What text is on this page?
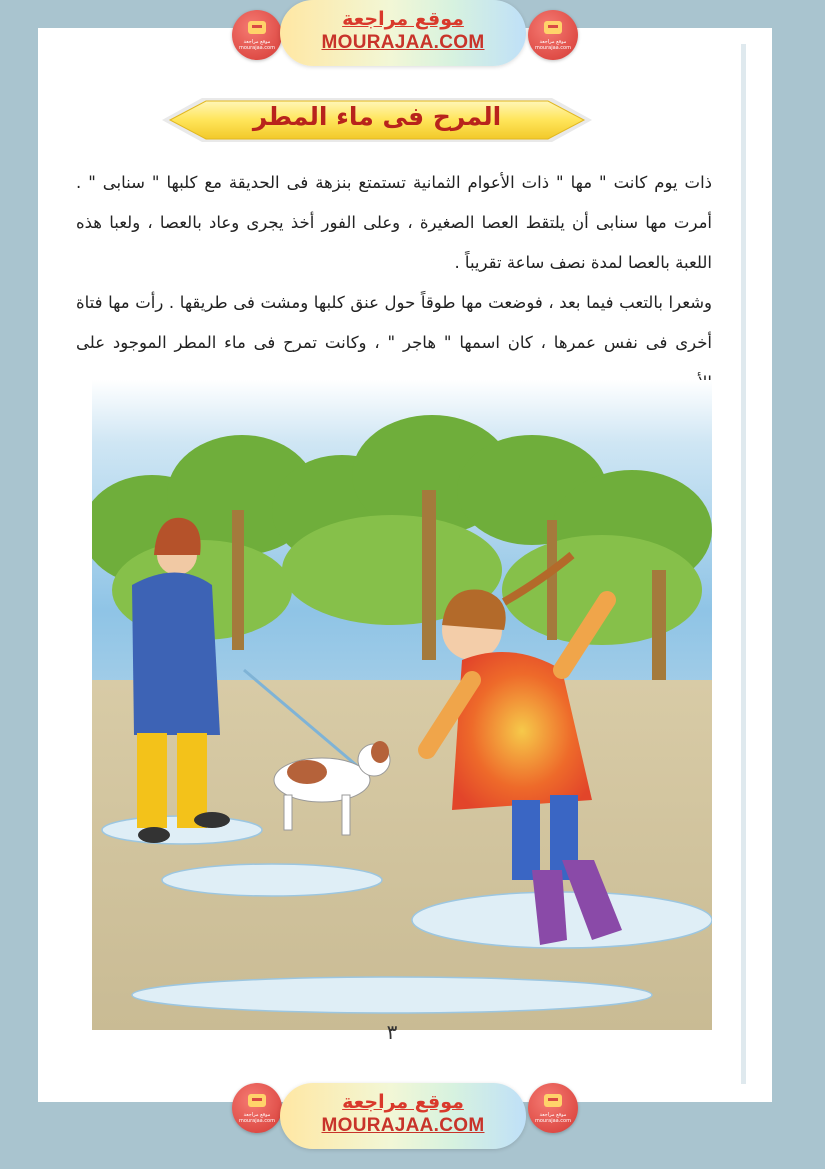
موقع مراجعة
mourajaa.com
موقع مراجعة
MOURAJAA.COM	موقع مراجعة
mourajaa.com
المرح فى ماء المطر

ذات يوم كانت " مها " ذات الأعوام الثمانية تستمتع بنزهة فى الحديقة مع كلبها " سنابى " . أمرت مها سنابى أن يلتقط العصا الصغيرة ، وعلى الفور أخذ يجرى وعاد بالعصا ، ولعبا هذه اللعبة بالعصا لمدة نصف ساعة تقريباً .

وشعرا بالتعب فيما بعد ، فوضعت مها طوقاً حول عنق كلبها ومشت فى طريقها . رأت مها فتاة أخرى فى نفس عمرها ، كان اسمها " هاجر " ، وكانت تمرح فى ماء المطر الموجود على

٣
موقع مراجعة
mourajaa.com
موقع مراجعة
MOURAJAA.COM	موقع مراجعة
mourajaa.com
